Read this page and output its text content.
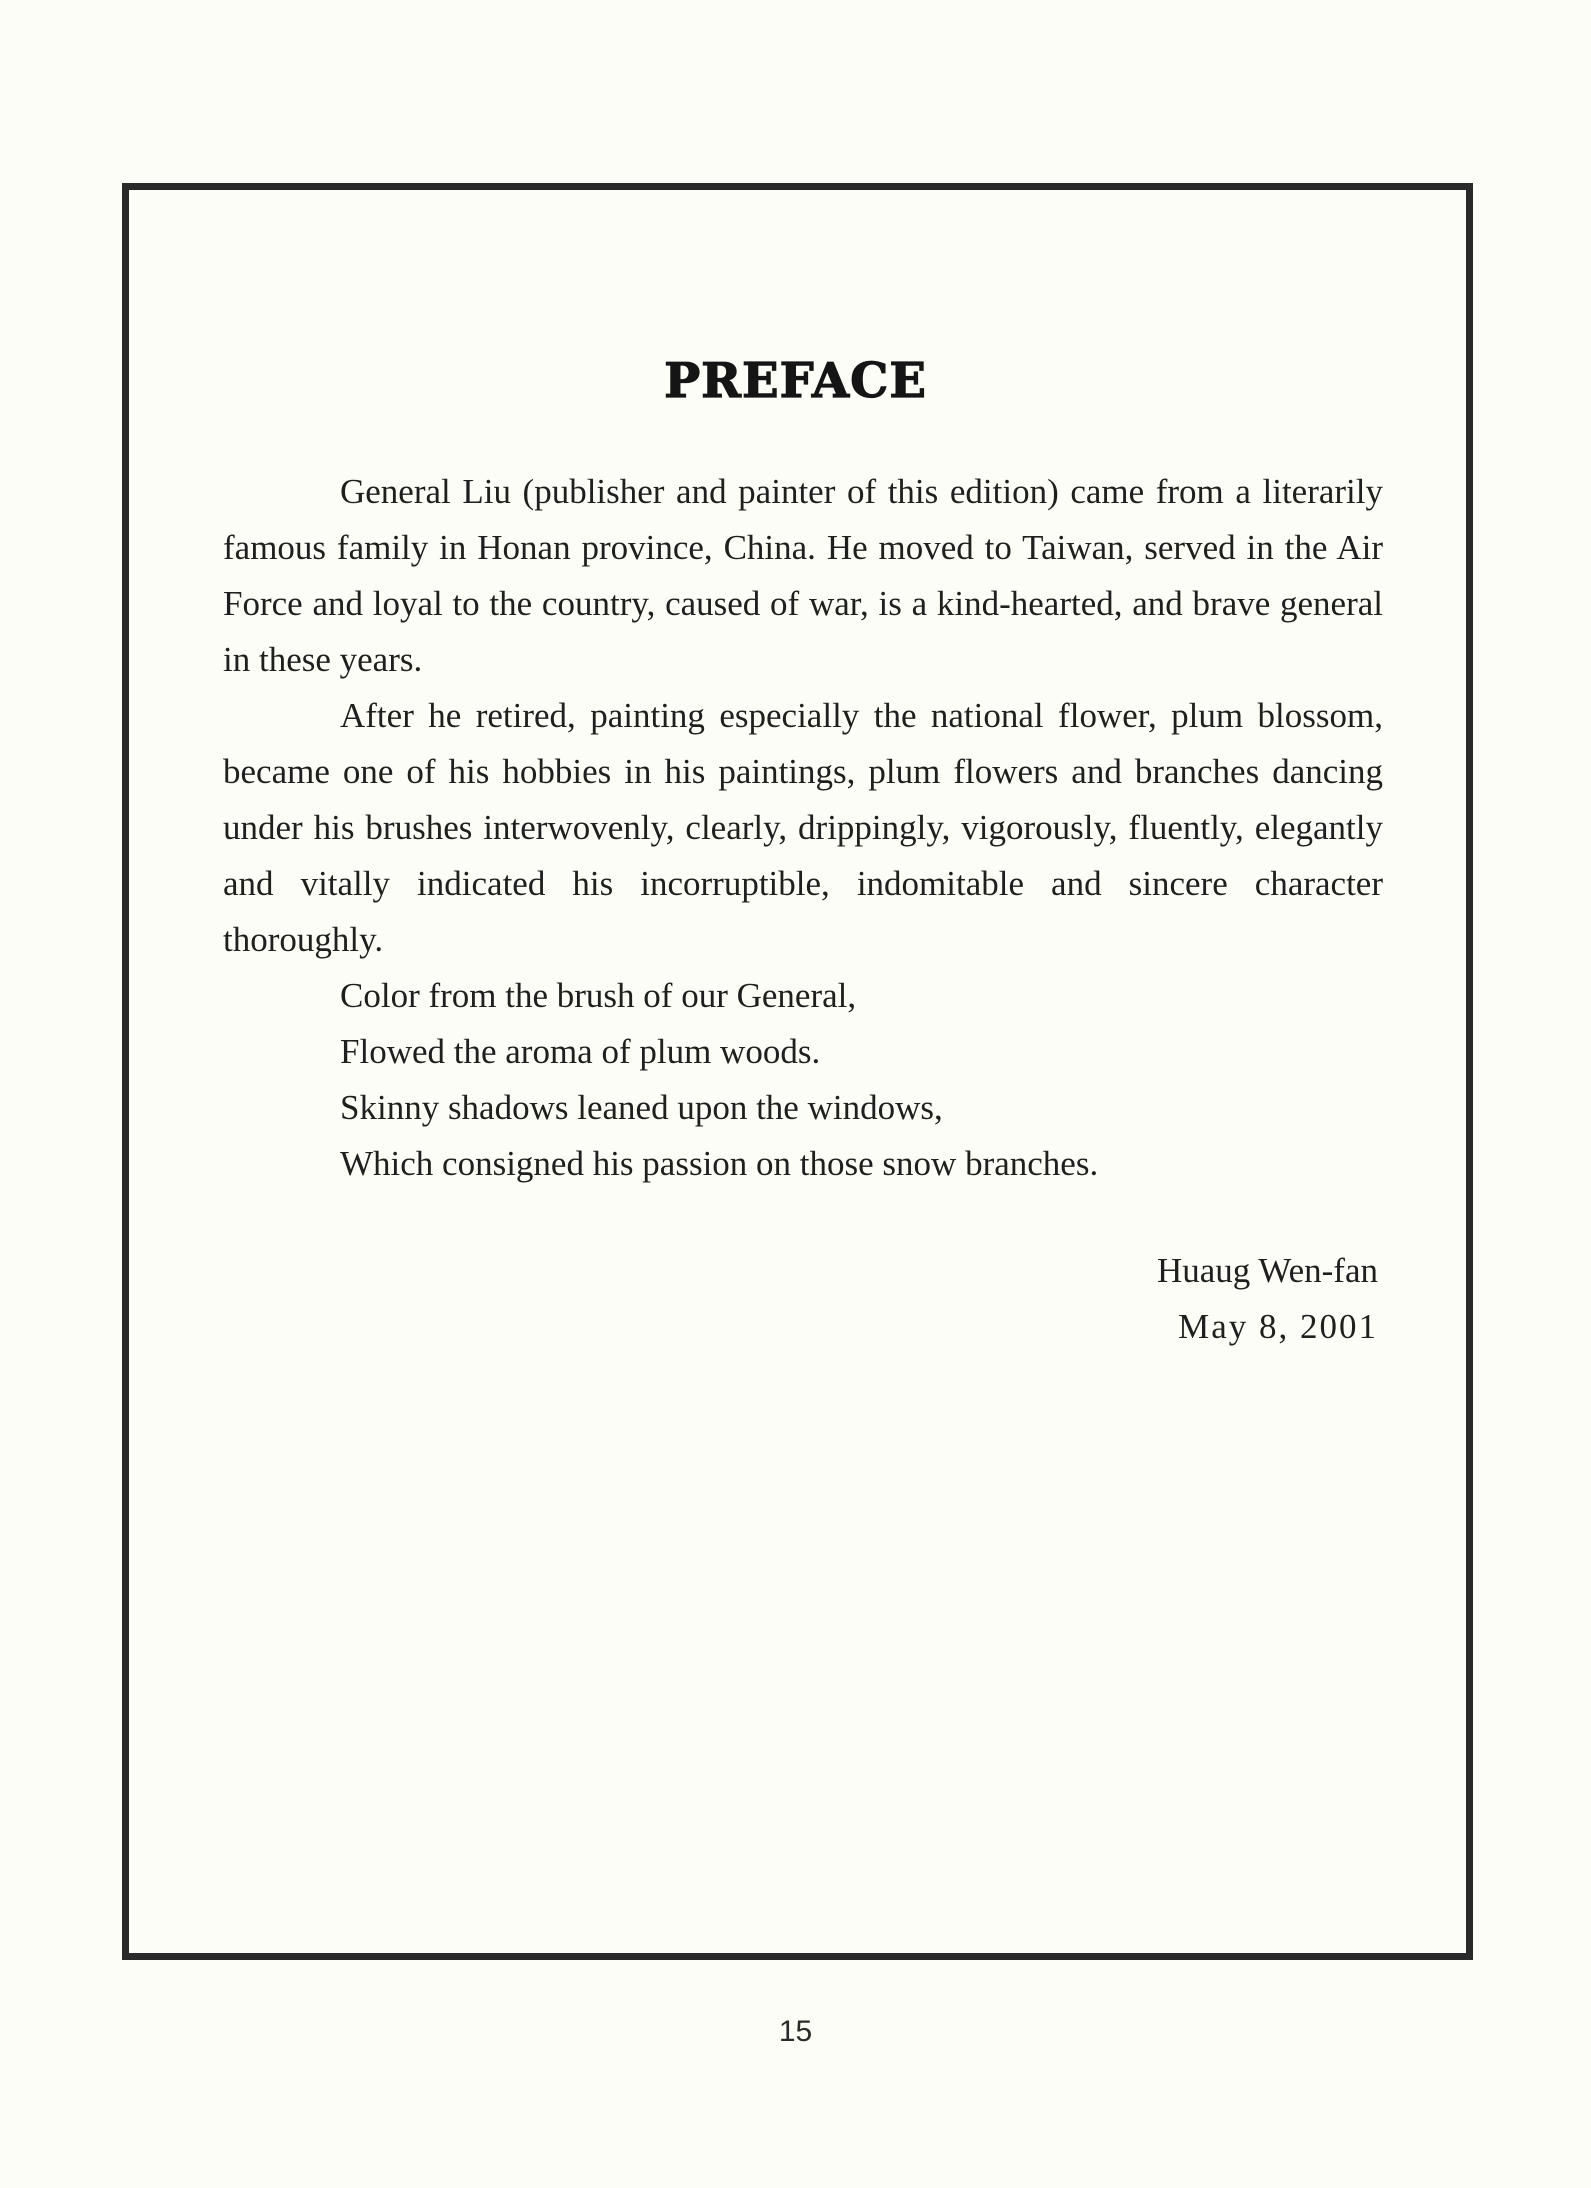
PREFACE

General Liu (publisher and painter of this edition) came from a literarily famous family in Honan province, China. He moved to Taiwan, served in the Air Force and loyal to the country, caused of war, is a kind-hearted, and brave general in these years.

After he retired, painting especially the national flower, plum blossom, became one of his hobbies in his paintings, plum flowers and branches dancing under his brushes interwovenly, clearly, drippingly, vigorously, fluently, elegantly and vitally indicated his incorruptible, indomitable and sincere character thoroughly.

Color from the brush of our General,
Flowed the aroma of plum woods.
Skinny shadows leaned upon the windows,
Which consigned his passion on those snow branches.
Huaug Wen-fan
May 8, 2001
15
